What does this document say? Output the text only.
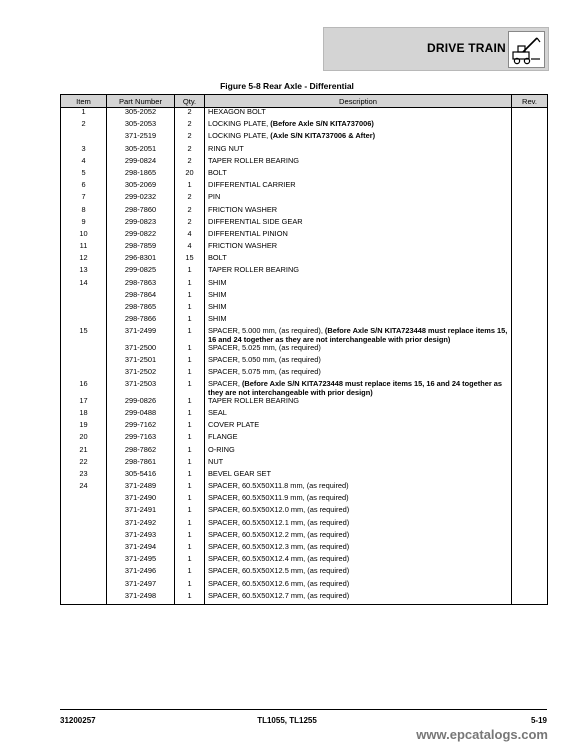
DRIVE TRAIN
Figure 5-8 Rear Axle - Differential
Item	Part Number	Qty.	Description	Rev.
1	305-2052	2	HEXAGON BOLT	
2	305-2053	2	LOCKING PLATE, (Before Axle S/N KITA737006)	
	371-2519	2	LOCKING PLATE, (Axle S/N KITA737006 & After)	
3	305-2051	2	RING NUT	
4	299-0824	2	TAPER ROLLER BEARING	
5	298-1865	20	BOLT	
6	305-2069	1	DIFFERENTIAL CARRIER	
7	299-0232	2	PIN	
8	298-7860	2	FRICTION WASHER	
9	299-0823	2	DIFFERENTIAL SIDE GEAR	
10	299-0822	4	DIFFERENTIAL PINION	
11	298-7859	4	FRICTION WASHER	
12	296-8301	15	BOLT	
13	299-0825	1	TAPER ROLLER BEARING	
14	298-7863	1	SHIM	
	298-7864	1	SHIM	
	298-7865	1	SHIM	
	298-7866	1	SHIM	
15	371-2499	1	SPACER, 5.000 mm, (as required), (Before Axle S/N KITA723448 must replace items 15, 16 and 24 together as they are not interchangeable with prior design)	
	371-2500	1	SPACER, 5.025 mm, (as required)	
	371-2501	1	SPACER, 5.050 mm, (as required)	
	371-2502	1	SPACER, 5.075 mm, (as required)	
16	371-2503	1	SPACER, (Before Axle S/N KITA723448 must replace items 15, 16 and 24 together as they are not interchangeable with prior design)	
17	299-0826	1	TAPER ROLLER BEARING	
18	299-0488	1	SEAL	
19	299-7162	1	COVER PLATE	
20	299-7163	1	FLANGE	
21	298-7862	1	O-RING	
22	298-7861	1	NUT	
23	305-5416	1	BEVEL GEAR SET	
24	371-2489	1	SPACER, 60.5X50X11.8 mm, (as required)	
	371-2490	1	SPACER, 60.5X50X11.9 mm, (as required)	
	371-2491	1	SPACER, 60.5X50X12.0 mm, (as required)	
	371-2492	1	SPACER, 60.5X50X12.1 mm, (as required)	
	371-2493	1	SPACER, 60.5X50X12.2 mm, (as required)	
	371-2494	1	SPACER, 60.5X50X12.3 mm, (as required)	
	371-2495	1	SPACER, 60.5X50X12.4 mm, (as required)	
	371-2496	1	SPACER, 60.5X50X12.5 mm, (as required)	
	371-2497	1	SPACER, 60.5X50X12.6 mm, (as required)	
	371-2498	1	SPACER, 60.5X50X12.7 mm, (as required)	
31200257	TL1055, TL1255	5-19
www.epcatalogs.com
